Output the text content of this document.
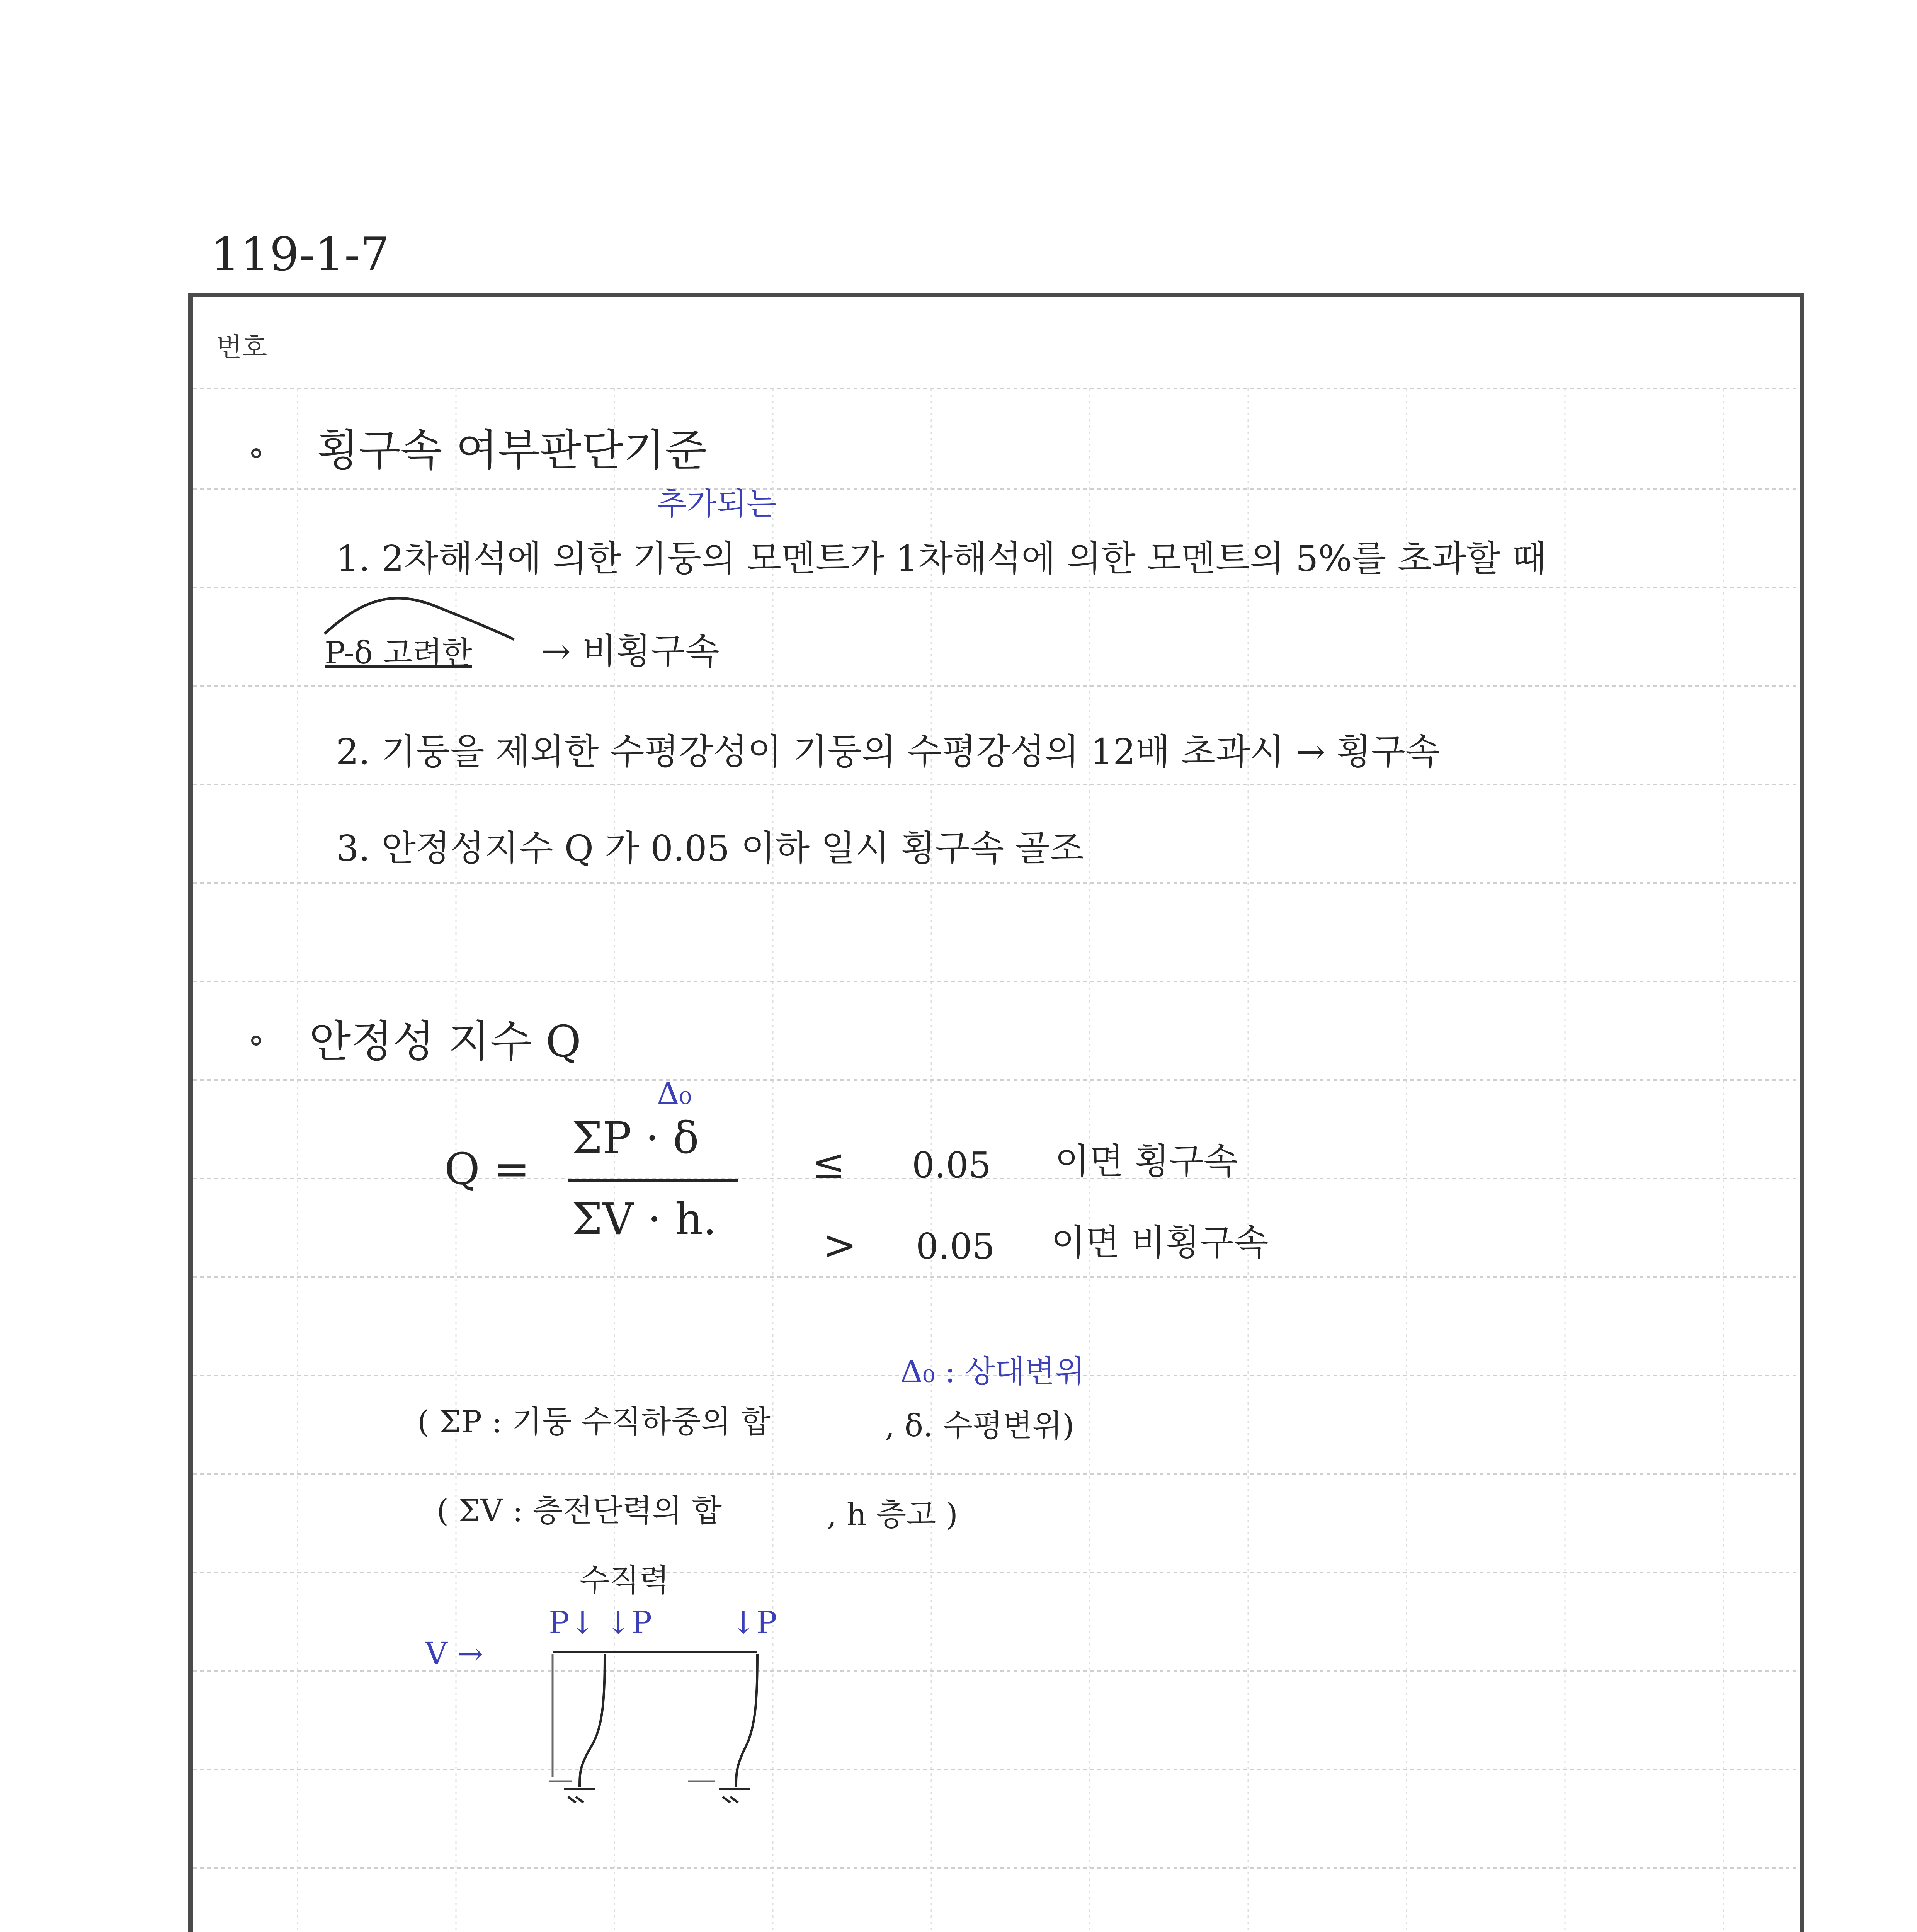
119-1-7
번호
횡구속 여부판단기준
추가되는
1. 2차해석에 의한 기둥의 모멘트가 1차해석에 의한 모멘트의 5%를 초과할 때
P-δ 고려한 → 비횡구속
2. 기둥을 제외한 수평강성이 기둥의 수평강성의 12배 초과시 → 횡구속
3. 안정성지수 Q 가 0.05 이하 일시 횡구속 골조
안정성 지수 Q
Δ₀
Q =
ΣP · δ
ΣV · h.
≤ 0.05 이면 횡구속
> 0.05 이면 비횡구속
Δ₀ : 상대변위
( ΣP : 기둥 수직하중의 합	, δ. 수평변위)
( ΣV : 층전단력의 합	, h 층고 )
수직력
P↓ ↓P	↓P
V →
